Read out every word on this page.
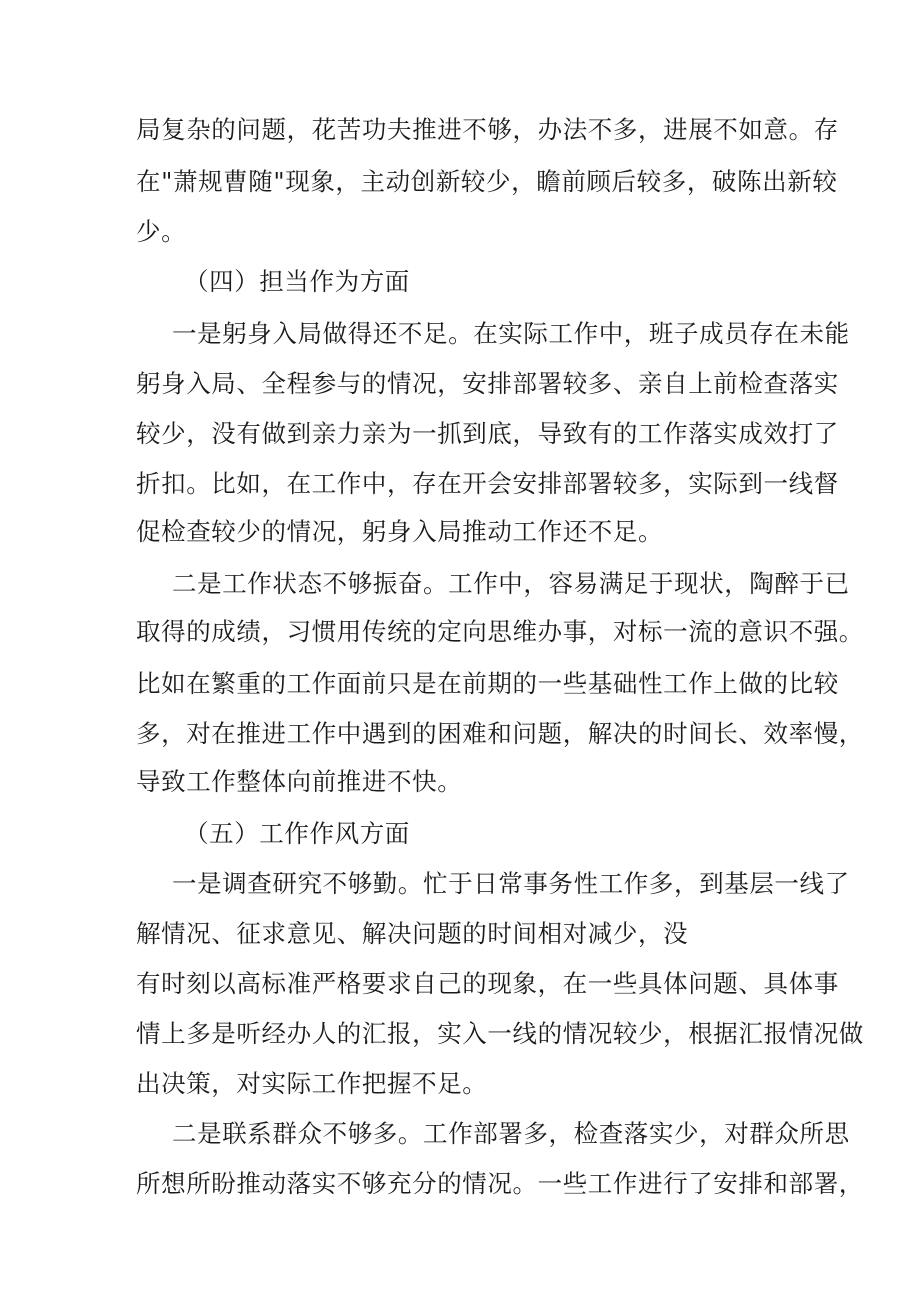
局复杂的问题，花苦功夫推进不够，办法不多，进展不如意。存
在"萧规曹随"现象，主动创新较少，瞻前顾后较多，破陈出新较
少。
（四）担当作为方面
一是躬身入局做得还不足。在实际工作中，班子成员存在未能
躬身入局、全程参与的情况，安排部署较多、亲自上前检查落实
较少，没有做到亲力亲为一抓到底，导致有的工作落实成效打了
折扣。比如，在工作中，存在开会安排部署较多，实际到一线督
促检查较少的情况，躬身入局推动工作还不足。
二是工作状态不够振奋。工作中，容易满足于现状，陶醉于已
取得的成绩，习惯用传统的定向思维办事，对标一流的意识不强。
比如在繁重的工作面前只是在前期的一些基础性工作上做的比较
多，对在推进工作中遇到的困难和问题，解决的时间长、效率慢，
导致工作整体向前推进不快。
（五）工作作风方面
一是调查研究不够勤。忙于日常事务性工作多，到基层一线了
解情况、征求意见、解决问题的时间相对减少，没
有时刻以高标准严格要求自己的现象，在一些具体问题、具体事
情上多是听经办人的汇报，实入一线的情况较少，根据汇报情况做
出决策，对实际工作把握不足。
二是联系群众不够多。工作部署多，检查落实少，对群众所思
所想所盼推动落实不够充分的情况。一些工作进行了安排和部署，
